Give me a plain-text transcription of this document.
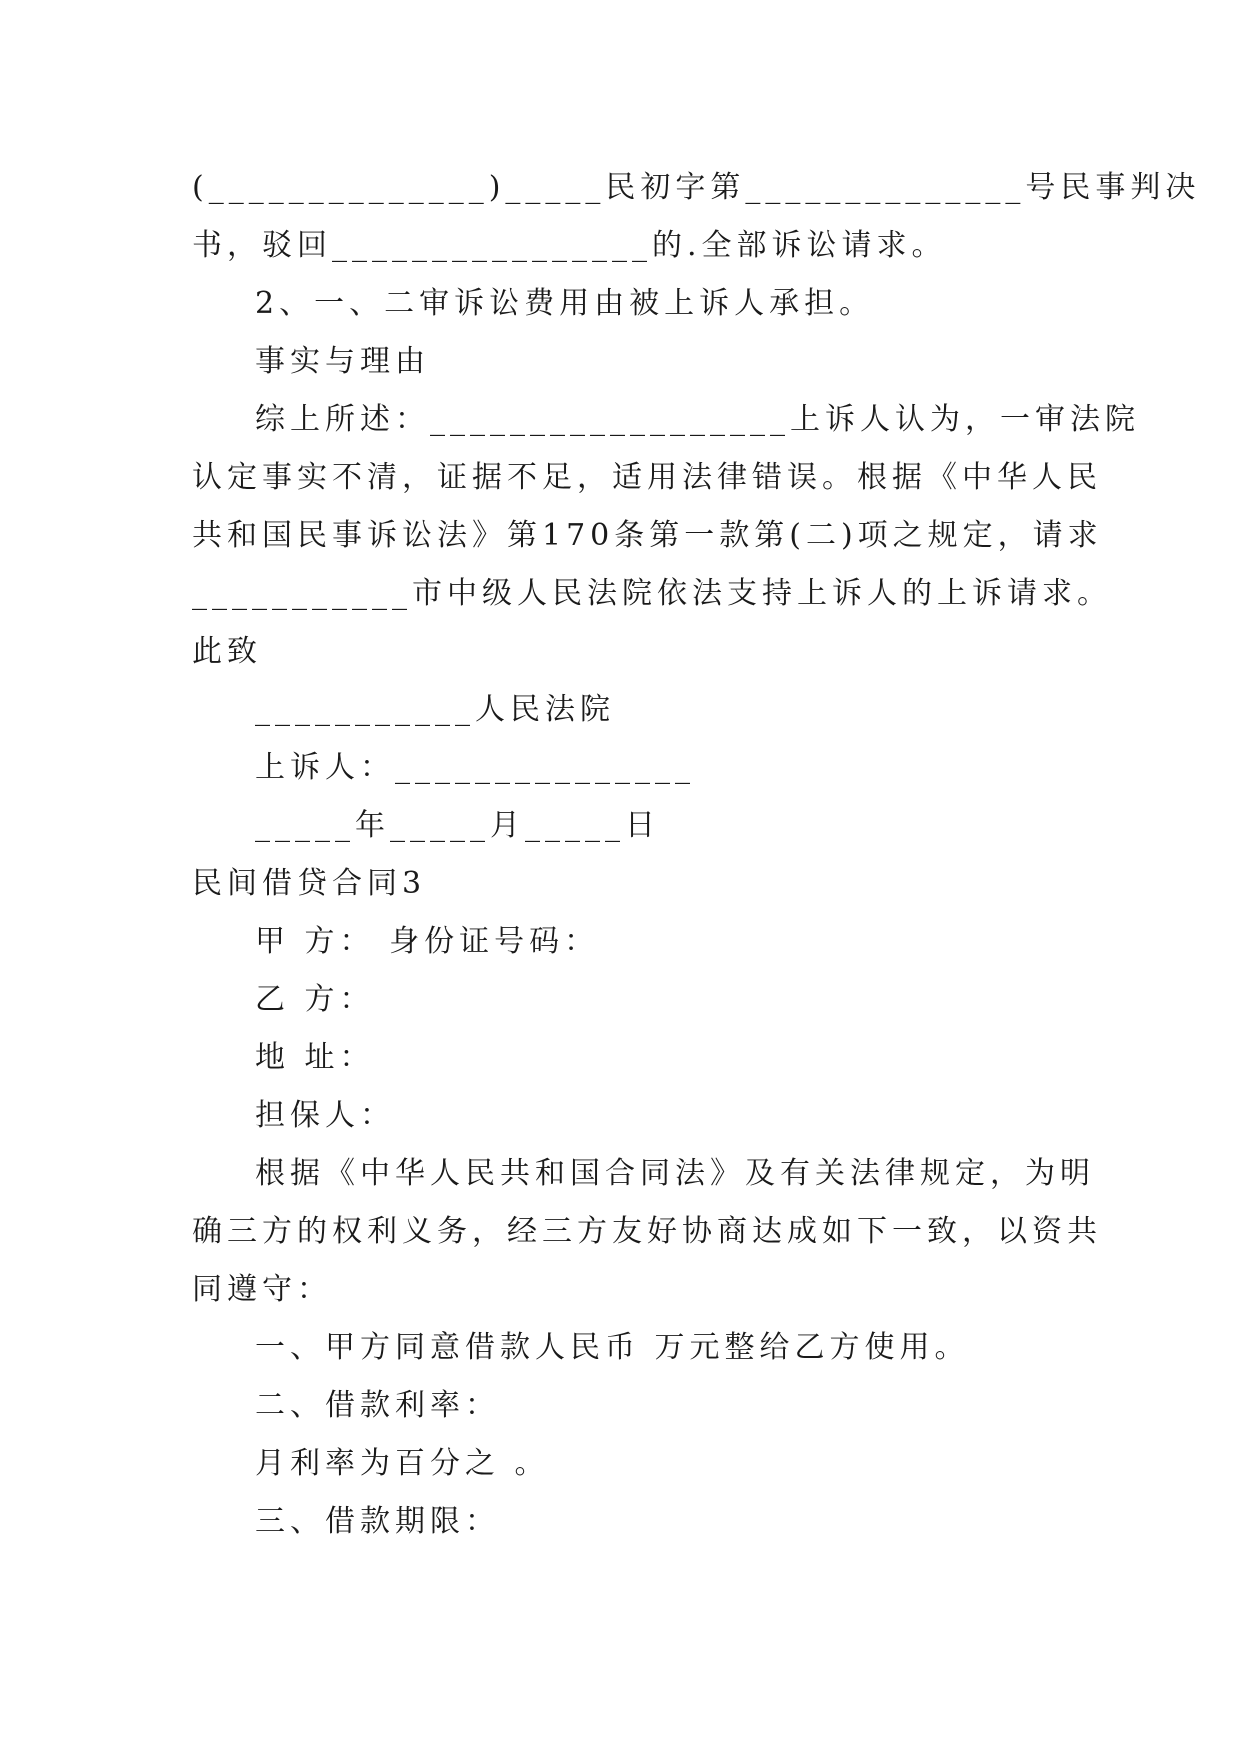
(______________)_____民初字第______________号民事判决
书，驳回________________的.全部诉讼请求。
2、一、二审诉讼费用由被上诉人承担。
事实与理由
综上所述：__________________上诉人认为，一审法院
认定事实不清，证据不足，适用法律错误。根据《中华人民
共和国民事诉讼法》第170条第一款第(二)项之规定，请求
___________市中级人民法院依法支持上诉人的上诉请求。
此致
___________人民法院
上诉人：_______________
_____年_____月_____日
民间借贷合同3
甲 方： 身份证号码：
乙 方：
地 址：
担保人：
根据《中华人民共和国合同法》及有关法律规定，为明
确三方的权利义务，经三方友好协商达成如下一致，以资共
同遵守：
一、甲方同意借款人民币 万元整给乙方使用。
二、借款利率：
月利率为百分之 。
三、借款期限：
